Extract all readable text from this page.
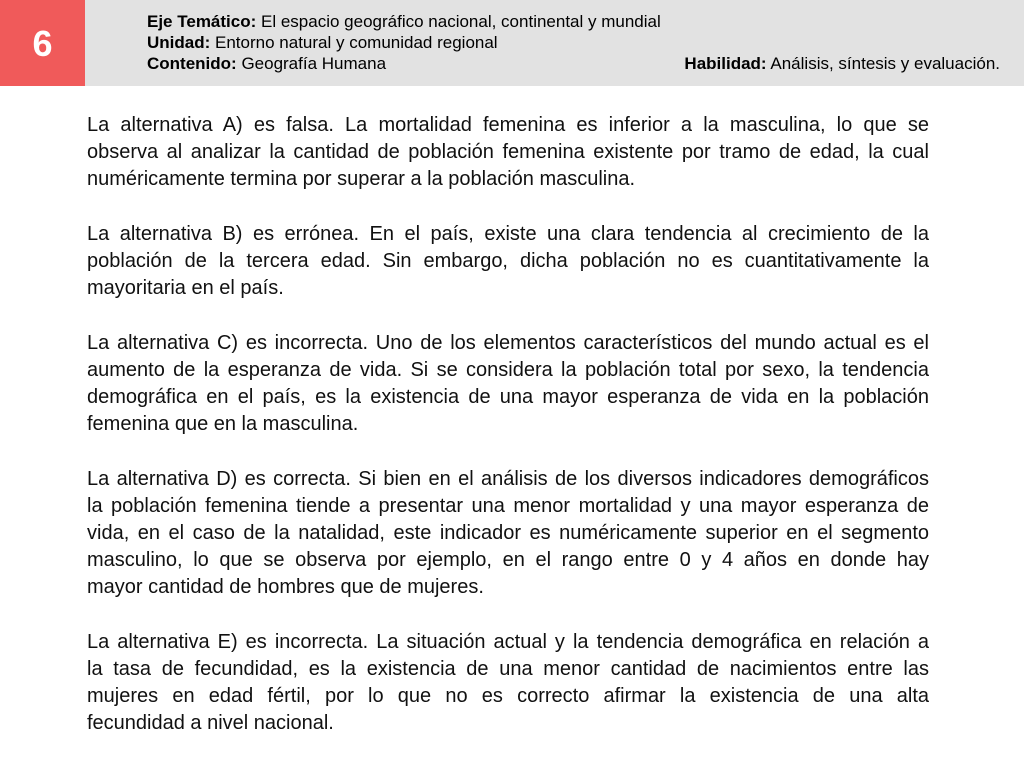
6
Eje Temático: El espacio geográfico nacional, continental y mundial
Unidad: Entorno natural y comunidad regional
Contenido: Geografía Humana	Habilidad: Análisis, síntesis y evaluación.
La alternativa A) es falsa. La mortalidad femenina es inferior a la masculina, lo que se
observa al analizar la cantidad de población femenina existente por tramo de edad, la cual
numéricamente termina por superar a la población masculina.
La alternativa B) es errónea. En el país, existe una clara tendencia al crecimiento de la
población de la tercera edad. Sin embargo, dicha población no es cuantitativamente la
mayoritaria en el país.
La alternativa C) es incorrecta. Uno de los elementos característicos del mundo actual es el
aumento de la esperanza de vida. Si se considera la población total por sexo, la tendencia
demográfica en el país, es la existencia de una mayor esperanza de vida en la población
femenina que en la masculina.
La alternativa D) es correcta. Si bien en el análisis de los diversos indicadores demográficos
la población femenina tiende a presentar una menor mortalidad y una mayor esperanza de
vida, en el caso de la natalidad, este indicador es numéricamente superior en el segmento
masculino, lo que se observa por ejemplo, en el rango entre 0 y 4 años en donde hay
mayor cantidad de hombres que de mujeres.
La alternativa E) es incorrecta. La situación actual y la tendencia demográfica en relación a
la tasa de fecundidad, es la existencia de una menor cantidad de nacimientos entre las
mujeres en edad fértil, por lo que no es correcto afirmar la existencia de una alta
fecundidad a nivel nacional.
